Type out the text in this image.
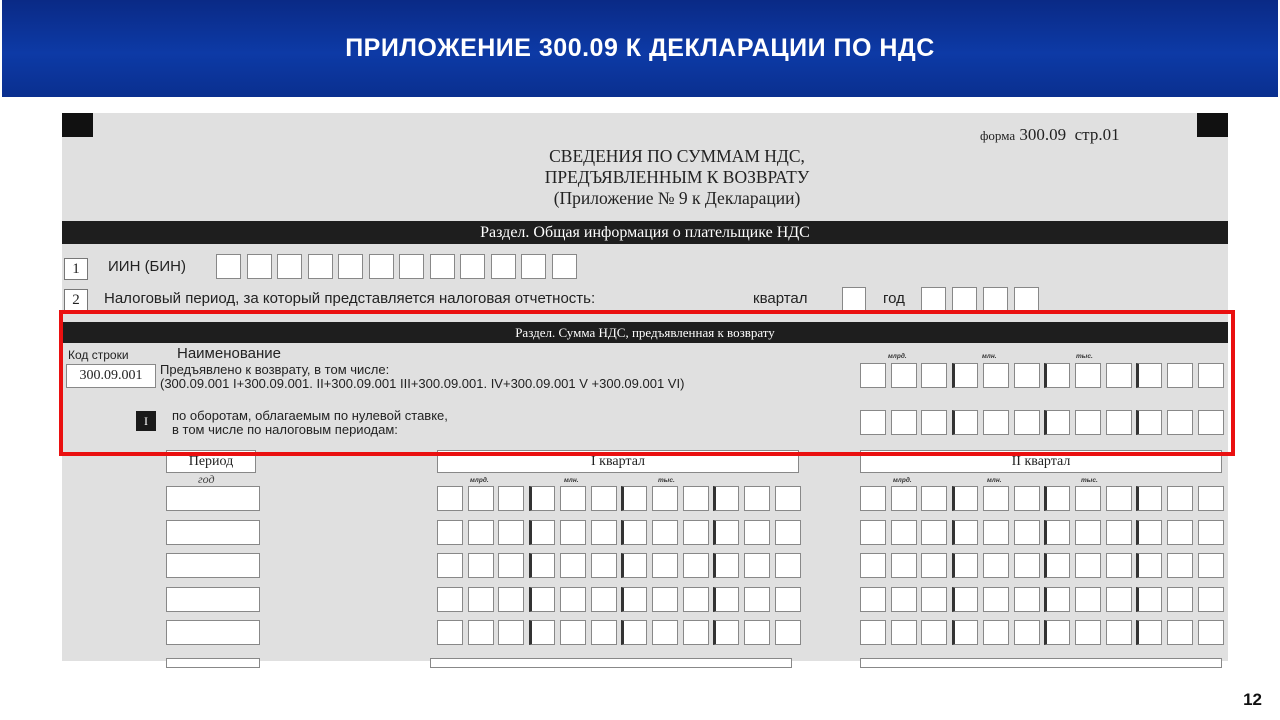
ПРИЛОЖЕНИЕ 300.09 К ДЕКЛАРАЦИИ ПО НДС
форма 300.09 стр.01
СВЕДЕНИЯ ПО СУММАМ НДС,
ПРЕДЪЯВЛЕННЫМ К ВОЗВРАТУ
(Приложение № 9 к Декларации)
Раздел. Общая информация о плательщике НДС
1	ИИН (БИН)
2	Налоговый период, за который представляется налоговая отчетность:	квартал	год
Раздел. Сумма НДС, предъявленная к возврату
Код строки	Наименование	млрд.	млн.	тыс.
300.09.001	Предъявлено к возврату, в том числе:
(300.09.001 I+300.09.001. II+300.09.001 III+300.09.001. IV+300.09.001 V +300.09.001 VI)
I	по оборотам, облагаемым по нулевой ставке,
в том числе по налоговым периодам:
Период
год
I квартал	II квартал
млрд.	млн.	тыс.	млрд.	млн.	тыс.
12
